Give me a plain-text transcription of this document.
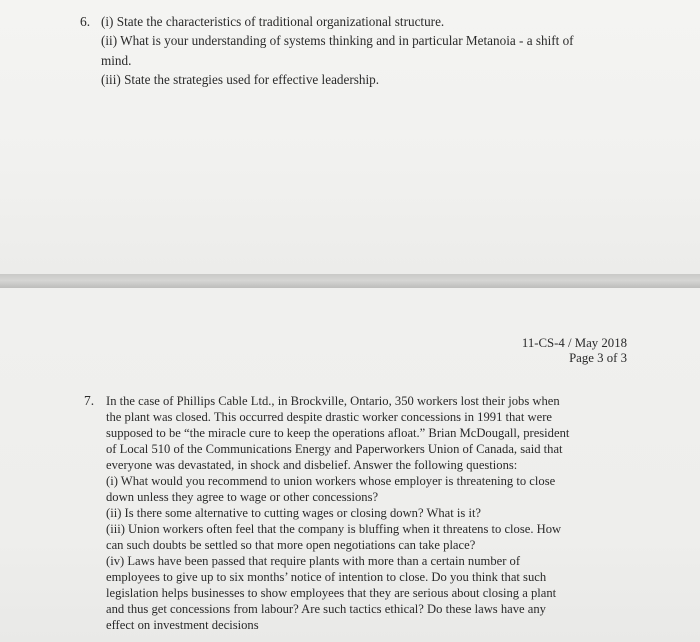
6. (i) State the characteristics of traditional organizational structure.
(ii) What is your understanding of systems thinking and in particular Metanoia - a shift of
mind.
(iii) State the strategies used for effective leadership.
11-CS-4 / May 2018
Page 3 of 3
7. In the case of Phillips Cable Ltd., in Brockville, Ontario, 350 workers lost their jobs when
the plant was closed. This occurred despite drastic worker concessions in 1991 that were
supposed to be “the miracle cure to keep the operations afloat.” Brian McDougall, president
of Local 510 of the Communications Energy and Paperworkers Union of Canada, said that
everyone was devastated, in shock and disbelief. Answer the following questions:
(i) What would you recommend to union workers whose employer is threatening to close
down unless they agree to wage or other concessions?
(ii) Is there some alternative to cutting wages or closing down? What is it?
(iii) Union workers often feel that the company is bluffing when it threatens to close. How
can such doubts be settled so that more open negotiations can take place?
(iv) Laws have been passed that require plants with more than a certain number of
employees to give up to six months’ notice of intention to close. Do you think that such
legislation helps businesses to show employees that they are serious about closing a plant
and thus get concessions from labour? Are such tactics ethical? Do these laws have any
effect on investment decisions
